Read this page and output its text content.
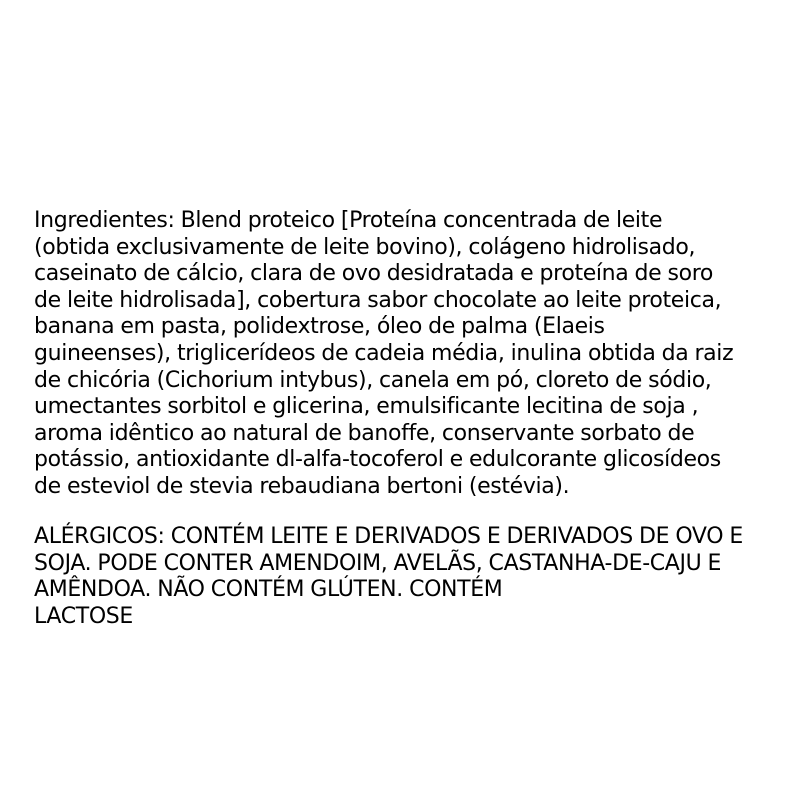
Ingredientes: Blend proteico [Proteína concentrada de leite
(obtida exclusivamente de leite bovino), colágeno hidrolisado,
caseinato de cálcio, clara de ovo desidratada e proteína de soro
de leite hidrolisada], cobertura sabor chocolate ao leite proteica,
banana em pasta, polidextrose, óleo de palma (Elaeis
guineenses), triglicerídeos de cadeia média, inulina obtida da raiz
de chicória (Cichorium intybus), canela em pó, cloreto de sódio,
umectantes sorbitol e glicerina, emulsificante lecitina de soja ,
aroma idêntico ao natural de banoffe, conservante sorbato de
potássio, antioxidante dl-alfa-tocoferol e edulcorante glicosídeos
de esteviol de stevia rebaudiana bertoni (estévia).
ALÉRGICOS: CONTÉM LEITE E DERIVADOS E DERIVADOS DE OVO E
SOJA. PODE CONTER AMENDOIM, AVELÃS, CASTANHA-DE-CAJU E
AMÊNDOA. NÃO CONTÉM GLÚTEN. CONTÉM
LACTOSE
